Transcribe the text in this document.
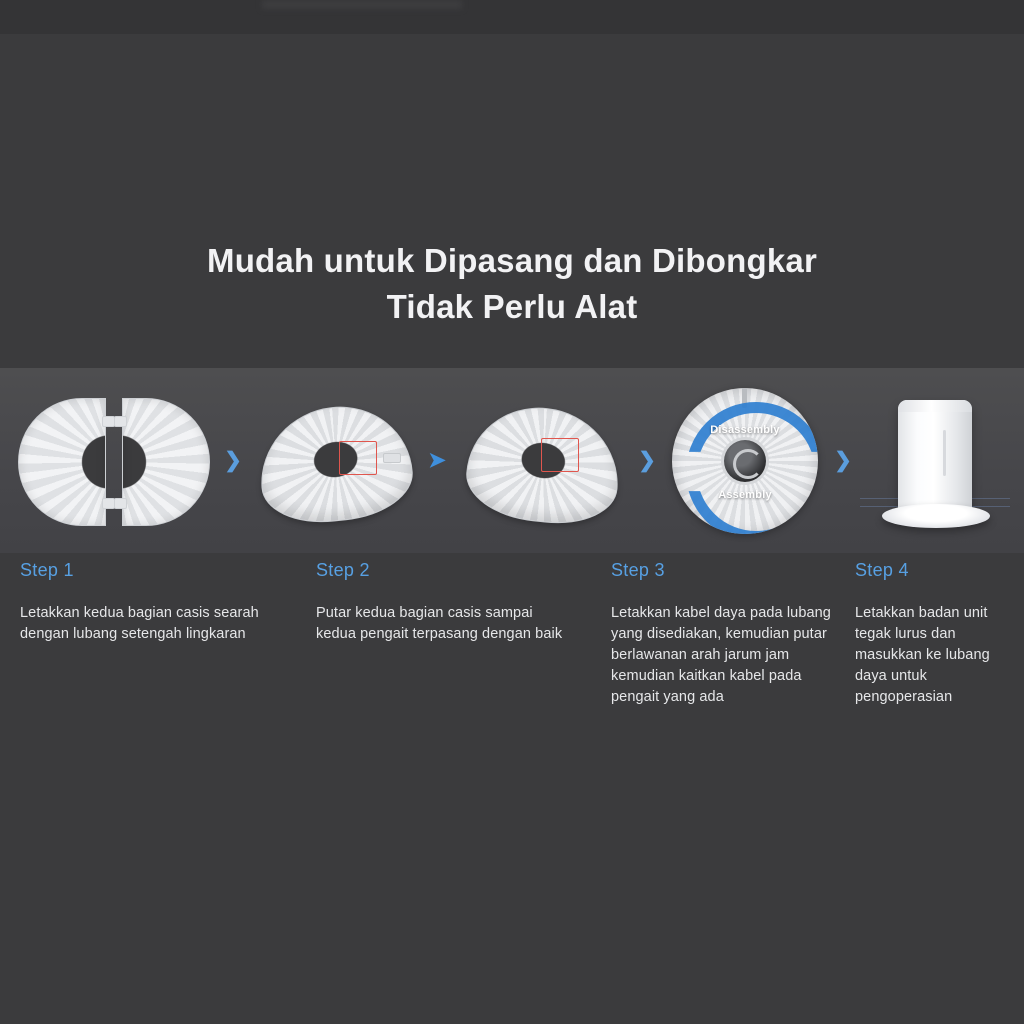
Mudah untuk Dipasang dan Dibongkar
Tidak Perlu Alat
❯	➤	❯
Disassembly
Assembly
❯
Step 1
Letakkan kedua bagian casis searah dengan lubang setengah lingkaran
Step 2
Putar kedua bagian casis sampai kedua pengait terpasang dengan baik
Step 3
Letakkan kabel daya pada lubang yang disediakan, kemudian putar berlawanan arah jarum jam kemudian kaitkan kabel pada pengait yang ada
Step 4
Letakkan badan unit tegak lurus dan masukkan ke lubang daya untuk pengoperasian
